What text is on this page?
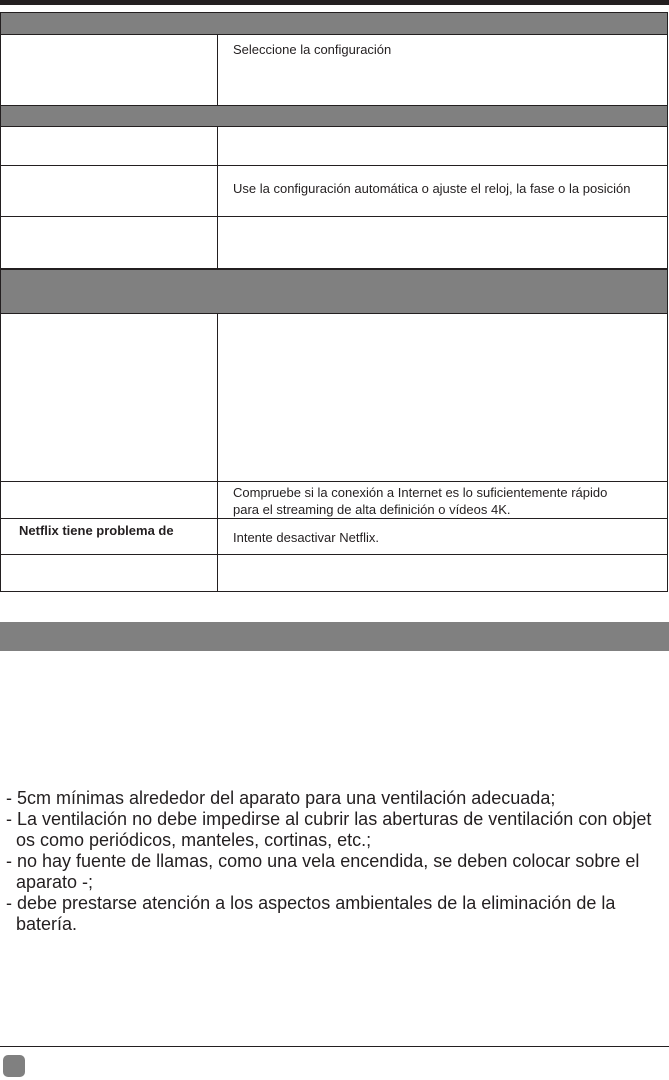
Seleccione la configuración
Use la configuración automática o ajuste el reloj, la fase o la posición
Compruebe si la conexión a Internet es lo suficientemente rápido
para el streaming de alta definición o vídeos 4K.
Netflix tiene problema de	Intente desactivar Netflix.
- 5cm mínimas alrededor del aparato para una ventilación adecuada;
- La ventilación no debe impedirse al cubrir las aberturas de ventilación con objet
os como periódicos, manteles, cortinas, etc.;
- no hay fuente de llamas, como una vela encendida, se deben colocar sobre el
aparato -;
- debe prestarse atención a los aspectos ambientales de la eliminación de la
batería.
